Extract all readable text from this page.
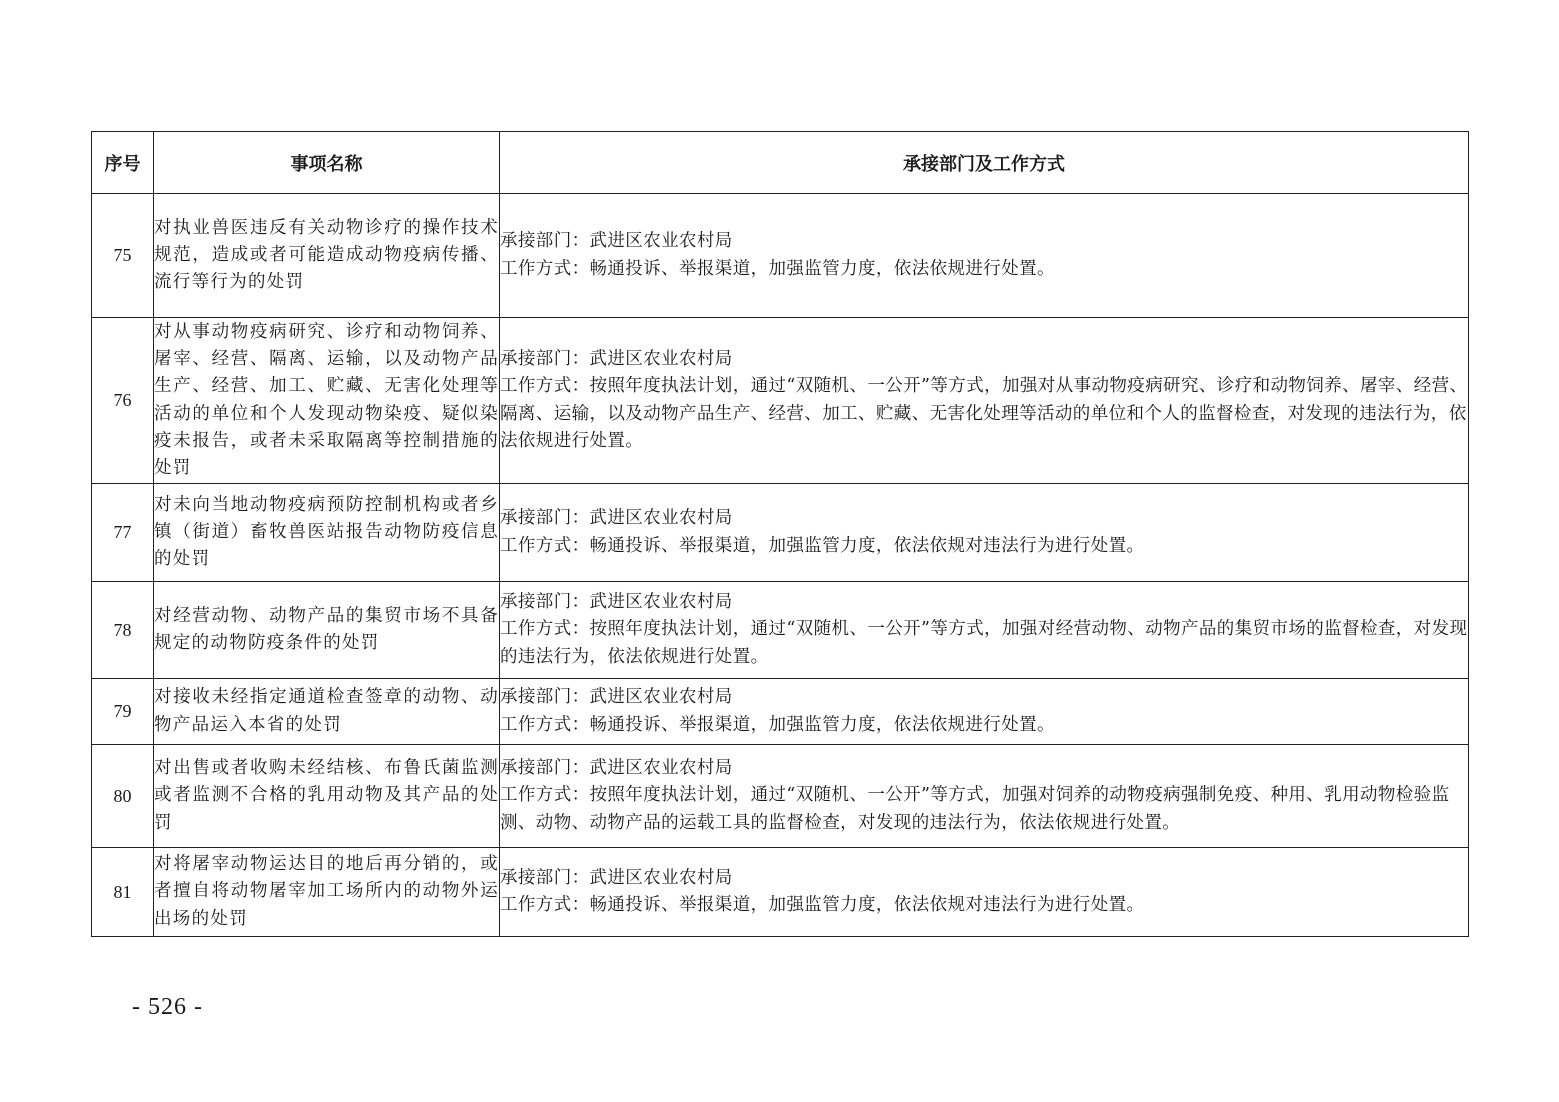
序号	事项名称	承接部门及工作方式
75	对执业兽医违反有关动物诊疗的操作技术规范，造成或者可能造成动物疫病传播、流行等行为的处罚	承接部门：武进区农业农村局
工作方式：畅通投诉、举报渠道，加强监管力度，依法依规进行处置。

76	对从事动物疫病研究、诊疗和动物饲养、屠宰、经营、隔离、运输，以及动物产品生产、经营、加工、贮藏、无害化处理等活动的单位和个人发现动物染疫、疑似染疫未报告，或者未采取隔离等控制措施的处罚	承接部门：武进区农业农村局
工作方式：按照年度执法计划，通过“双随机、一公开”等方式，加强对从事动物疫病研究、诊疗和动物饲养、屠宰、经营、隔离、运输，以及动物产品生产、经营、加工、贮藏、无害化处理等活动的单位和个人的监督检查，对发现的违法行为，依法依规进行处置。

77	对未向当地动物疫病预防控制机构或者乡镇（街道）畜牧兽医站报告动物防疫信息的处罚	承接部门：武进区农业农村局
工作方式：畅通投诉、举报渠道，加强监管力度，依法依规对违法行为进行处置。

78	对经营动物、动物产品的集贸市场不具备规定的动物防疫条件的处罚	承接部门：武进区农业农村局
工作方式：按照年度执法计划，通过“双随机、一公开”等方式，加强对经营动物、动物产品的集贸市场的监督检查，对发现的违法行为，依法依规进行处置。

79	对接收未经指定通道检查签章的动物、动物产品运入本省的处罚	承接部门：武进区农业农村局
工作方式：畅通投诉、举报渠道，加强监管力度，依法依规进行处置。

80	对出售或者收购未经结核、布鲁氏菌监测或者监测不合格的乳用动物及其产品的处罚	承接部门：武进区农业农村局
工作方式：按照年度执法计划，通过“双随机、一公开”等方式，加强对饲养的动物疫病强制免疫、种用、乳用动物检验监测、动物、动物产品的运载工具的监督检查，对发现的违法行为，依法依规进行处置。

81	对将屠宰动物运达目的地后再分销的，或者擅自将动物屠宰加工场所内的动物外运出场的处罚	承接部门：武进区农业农村局
工作方式：畅通投诉、举报渠道，加强监管力度，依法依规对违法行为进行处置。
- 526 -
